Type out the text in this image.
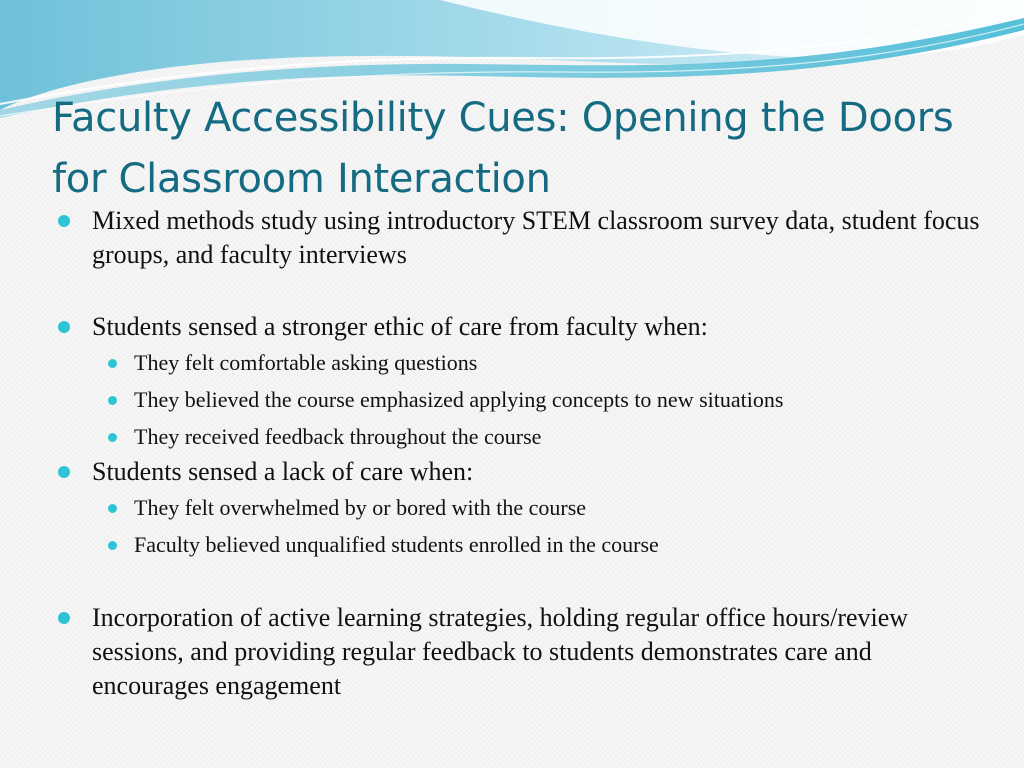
Faculty Accessibility Cues: Opening the Doors for Classroom Interaction
Mixed methods study using introductory STEM classroom survey data, student focus groups, and faculty interviews
Students sensed a stronger ethic of care from faculty when:
They felt comfortable asking questions
They believed the course emphasized applying concepts to new situations
They received feedback throughout the course
Students sensed a lack of care when:
They felt overwhelmed by or bored with the course
Faculty believed unqualified students enrolled in the course
Incorporation of active learning strategies, holding regular office hours/review sessions, and providing regular feedback to students demonstrates care and encourages engagement
